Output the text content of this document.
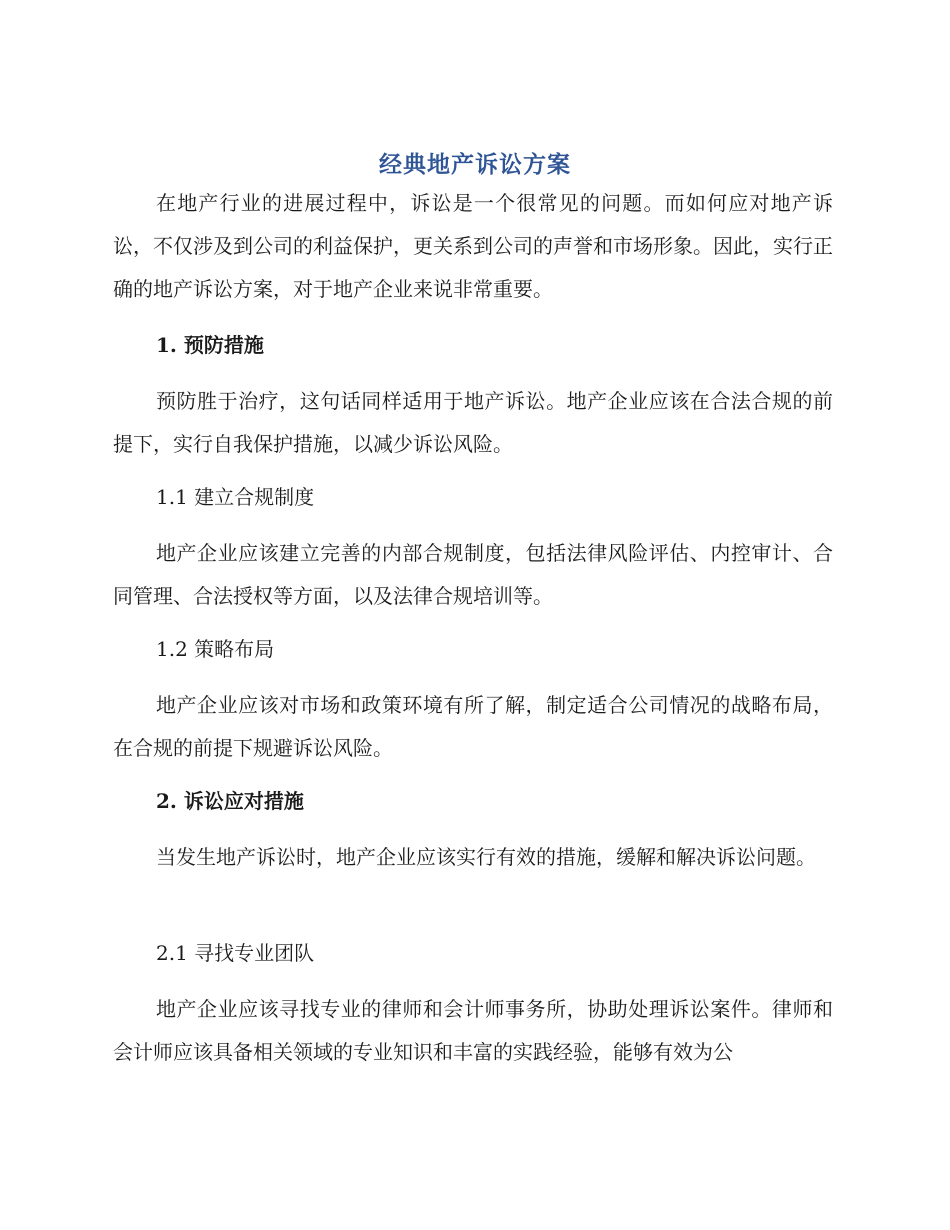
经典地产诉讼方案

在地产行业的进展过程中，诉讼是一个很常见的问题。而如何应对地产诉讼，不仅涉及到公司的利益保护，更关系到公司的声誉和市场形象。因此，实行正确的地产诉讼方案，对于地产企业来说非常重要。

1. 预防措施

预防胜于治疗，这句话同样适用于地产诉讼。地产企业应该在合法合规的前提下，实行自我保护措施，以减少诉讼风险。

1.1 建立合规制度

地产企业应该建立完善的内部合规制度，包括法律风险评估、内控审计、合同管理、合法授权等方面，以及法律合规培训等。

1.2 策略布局

地产企业应该对市场和政策环境有所了解，制定适合公司情况的战略布局，在合规的前提下规避诉讼风险。

2. 诉讼应对措施

当发生地产诉讼时，地产企业应该实行有效的措施，缓解和解决诉讼问题。

2.1 寻找专业团队

地产企业应该寻找专业的律师和会计师事务所，协助处理诉讼案件。律师和会计师应该具备相关领域的专业知识和丰富的实践经验，能够有效为公
